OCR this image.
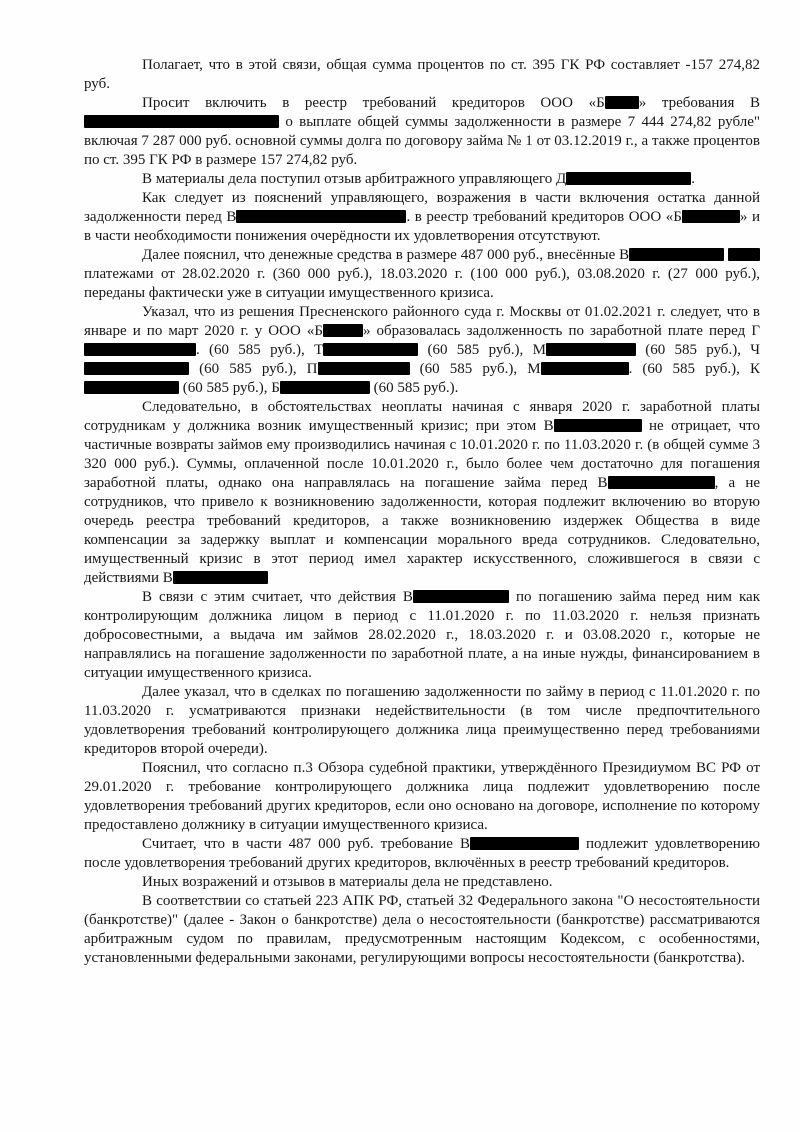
Полагает, что в этой связи, общая сумма процентов по ст. 395 ГК РФ составляет -157 274,82 руб.

Просит включить в реестр требований кредиторов ООО «Б » требования В о выплате общей суммы задолженности в размере 7 444 274,82 рубле" включая 7 287 000 руб. основной суммы долга по договору займа № 1 от 03.12.2019 г., а также процентов по ст. 395 ГК РФ в размере 157 274,82 руб.

В материалы дела поступил отзыв арбитражного управляющего Д	.

Как следует из пояснений управляющего, возражения в части включения остатка данной задолженности перед В	. в реестр требований кредиторов ООО «Б	» и в части необходимости понижения очерёдности их удовлетворения отсутствуют.

Далее пояснил, что денежные средства в размере 487 000 руб., внесённые В  платежами от 28.02.2020 г. (360 000 руб.), 18.03.2020 г. (100 000 руб.), 03.08.2020 г. (27 000 руб.), переданы фактически уже в ситуации имущественного кризиса.

Указал, что из решения Пресненского районного суда г. Москвы от 01.02.2021 г. следует, что в январе и по март 2020 г. у ООО «Б	» образовалась задолженность по заработной плате перед Г. (60 585 руб.), Т	(60 585 руб.), М	(60 585 руб.), Ч (60 585 руб.), П	(60 585 руб.), М	. (60 585 руб.), К (60 585 руб.), Б	(60 585 руб.).

Следовательно, в обстоятельствах неоплаты начиная с января 2020 г. заработной платы сотрудникам у должника возник имущественный кризис; при этом В	не отрицает, что частичные возвраты займов ему производились начиная с 10.01.2020 г. по 11.03.2020 г. (в общей сумме 3 320 000 руб.). Суммы, оплаченной после 10.01.2020 г., было более чем достаточно для погашения заработной платы, однако она направлялась на погашение займа перед В	, а не сотрудников, что привело к возникновению задолженности, которая подлежит включению во вторую очередь реестра требований кредиторов, а также возникновению издержек Общества в виде компенсации за задержку выплат и компенсации морального вреда сотрудников. Следовательно, имущественный кризис в этот период имел характер искусственного, сложившегося в связи с действиями В

В связи с этим считает, что действия В	по погашению займа перед ним как контролирующим должника лицом в период с 11.01.2020 г. по 11.03.2020 г. нельзя признать добросовестными, а выдача им займов 28.02.2020 г., 18.03.2020 г. и 03.08.2020 г., которые не направлялись на погашение задолженности по заработной плате, а на иные нужды, финансированием в ситуации имущественного кризиса.

Далее указал, что в сделках по погашению задолженности по займу в период с 11.01.2020 г. по 11.03.2020 г. усматриваются признаки недействительности (в том числе предпочтительного удовлетворения требований контролирующего должника лица преимущественно перед требованиями кредиторов второй очереди).

Пояснил, что согласно п.3 Обзора судебной практики, утверждённого Президиумом ВС РФ от 29.01.2020 г. требование контролирующего должника лица подлежит удовлетворению после удовлетворения требований других кредиторов, если оно основано на договоре, исполнение по которому предоставлено должнику в ситуации имущественного кризиса.

Считает, что в части 487 000 руб. требование В	подлежит удовлетворению после удовлетворения требований других кредиторов, включённых в реестр требований кредиторов.

Иных возражений и отзывов в материалы дела не представлено.

В соответствии со статьей 223 АПК РФ, статьей 32 Федерального закона "О несостоятельности (банкротстве)" (далее - Закон о банкротстве) дела о несостоятельности (банкротстве) рассматриваются арбитражным судом по правилам, предусмотренным настоящим Кодексом, с особенностями, установленными федеральными законами, регулирующими вопросы несостоятельности (банкротства).
